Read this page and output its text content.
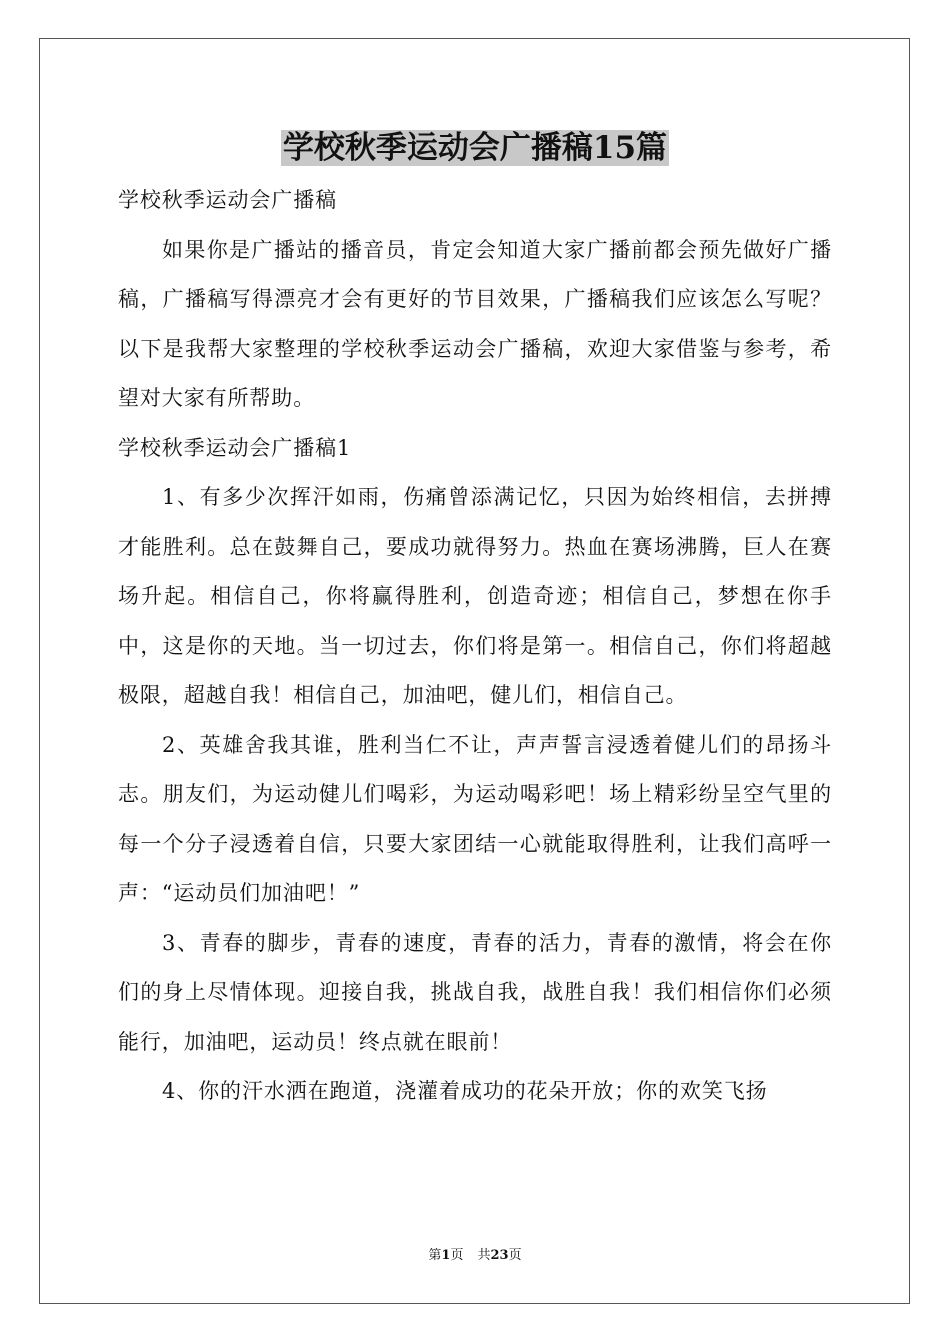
学校秋季运动会广播稿15篇

学校秋季运动会广播稿

如果你是广播站的播音员，肯定会知道大家广播前都会预先做好广播稿，广播稿写得漂亮才会有更好的节目效果，广播稿我们应该怎么写呢？以下是我帮大家整理的学校秋季运动会广播稿，欢迎大家借鉴与参考，希望对大家有所帮助。

学校秋季运动会广播稿1

1、有多少次挥汗如雨，伤痛曾添满记忆，只因为始终相信，去拼搏才能胜利。总在鼓舞自己，要成功就得努力。热血在赛场沸腾，巨人在赛场升起。相信自己，你将赢得胜利，创造奇迹；相信自己，梦想在你手中，这是你的天地。当一切过去，你们将是第一。相信自己，你们将超越极限，超越自我！相信自己，加油吧，健儿们，相信自己。

2、英雄舍我其谁，胜利当仁不让，声声誓言浸透着健儿们的昂扬斗志。朋友们，为运动健儿们喝彩，为运动喝彩吧！场上精彩纷呈空气里的每一个分子浸透着自信，只要大家团结一心就能取得胜利，让我们高呼一声：“运动员们加油吧！”

3、青春的脚步，青春的速度，青春的活力，青春的激情，将会在你们的身上尽情体现。迎接自我，挑战自我，战胜自我！我们相信你们必须能行，加油吧，运动员！终点就在眼前！

4、你的汗水洒在跑道，浇灌着成功的花朵开放；你的欢笑飞扬

第1页 共23页
